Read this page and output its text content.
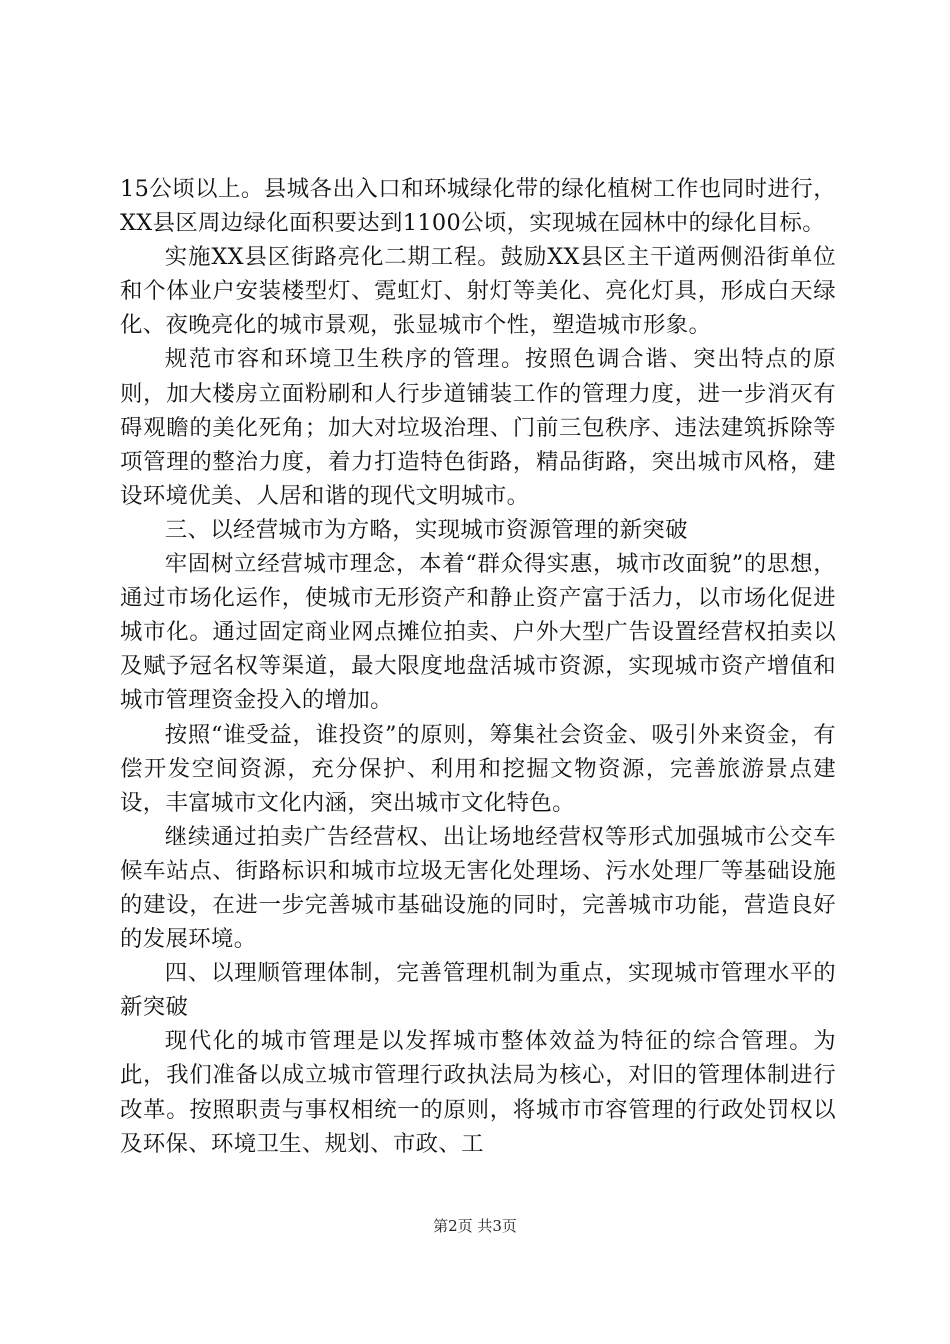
15公顷以上。县城各出入口和环城绿化带的绿化植树工作也同时进行，XX县区周边绿化面积要达到1100公顷，实现城在园林中的绿化目标。

实施XX县区街路亮化二期工程。鼓励XX县区主干道两侧沿街单位和个体业户安装楼型灯、霓虹灯、射灯等美化、亮化灯具，形成白天绿化、夜晚亮化的城市景观，张显城市个性，塑造城市形象。

规范市容和环境卫生秩序的管理。按照色调合谐、突出特点的原则，加大楼房立面粉刷和人行步道铺装工作的管理力度，进一步消灭有碍观瞻的美化死角；加大对垃圾治理、门前三包秩序、违法建筑拆除等项管理的整治力度，着力打造特色街路，精品街路，突出城市风格，建设环境优美、人居和谐的现代文明城市。

三、以经营城市为方略，实现城市资源管理的新突破

牢固树立经营城市理念，本着“群众得实惠，城市改面貌”的思想，通过市场化运作，使城市无形资产和静止资产富于活力，以市场化促进城市化。通过固定商业网点摊位拍卖、户外大型广告设置经营权拍卖以及赋予冠名权等渠道，最大限度地盘活城市资源，实现城市资产增值和城市管理资金投入的增加。

按照“谁受益，谁投资”的原则，筹集社会资金、吸引外来资金，有偿开发空间资源，充分保护、利用和挖掘文物资源，完善旅游景点建设，丰富城市文化内涵，突出城市文化特色。

继续通过拍卖广告经营权、出让场地经营权等形式加强城市公交车候车站点、街路标识和城市垃圾无害化处理场、污水处理厂等基础设施的建设，在进一步完善城市基础设施的同时，完善城市功能，营造良好的发展环境。

四、以理顺管理体制，完善管理机制为重点，实现城市管理水平的新突破

现代化的城市管理是以发挥城市整体效益为特征的综合管理。为此，我们准备以成立城市管理行政执法局为核心，对旧的管理体制进行改革。按照职责与事权相统一的原则，将城市市容管理的行政处罚权以及环保、环境卫生、规划、市政、工

第2页 共3页
